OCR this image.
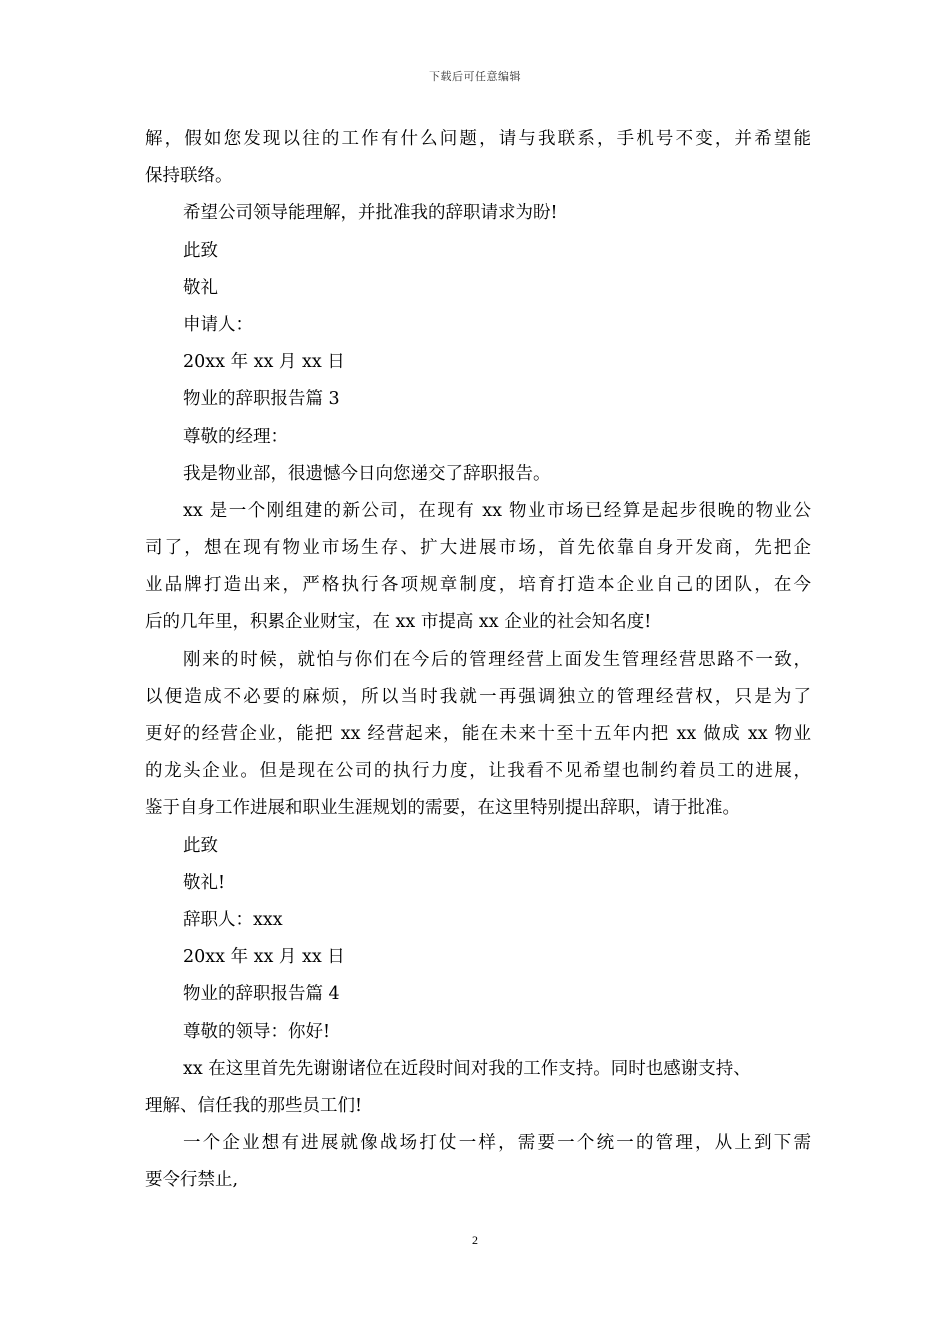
下载后可任意编辑
解，假如您发现以往的工作有什么问题，请与我联系，手机号不变，并希望能
保持联络。
希望公司领导能理解，并批准我的辞职请求为盼!
此致
敬礼
申请人：
20xx 年 xx 月 xx 日
物业的辞职报告篇 3
尊敬的经理：
我是物业部，很遗憾今日向您递交了辞职报告。
xx 是一个刚组建的新公司，在现有 xx 物业市场已经算是起步很晚的物业公
司了，想在现有物业市场生存、扩大进展市场，首先依靠自身开发商，先把企
业品牌打造出来，严格执行各项规章制度，培育打造本企业自己的团队，在今
后的几年里，积累企业财宝，在 xx 市提高 xx 企业的社会知名度!
刚来的时候，就怕与你们在今后的管理经营上面发生管理经营思路不一致，
以便造成不必要的麻烦，所以当时我就一再强调独立的管理经营权，只是为了
更好的经营企业，能把 xx 经营起来，能在未来十至十五年内把 xx 做成 xx 物业
的龙头企业。但是现在公司的执行力度，让我看不见希望也制约着员工的进展，
鉴于自身工作进展和职业生涯规划的需要，在这里特别提出辞职，请于批准。
此致
敬礼!
辞职人：xxx
20xx 年 xx 月 xx 日
物业的辞职报告篇 4
尊敬的领导：你好!
xx 在这里首先先谢谢诸位在近段时间对我的工作支持。同时也感谢支持、
理解、信任我的那些员工们!
一个企业想有进展就像战场打仗一样，需要一个统一的管理，从上到下需
要令行禁止,
2
